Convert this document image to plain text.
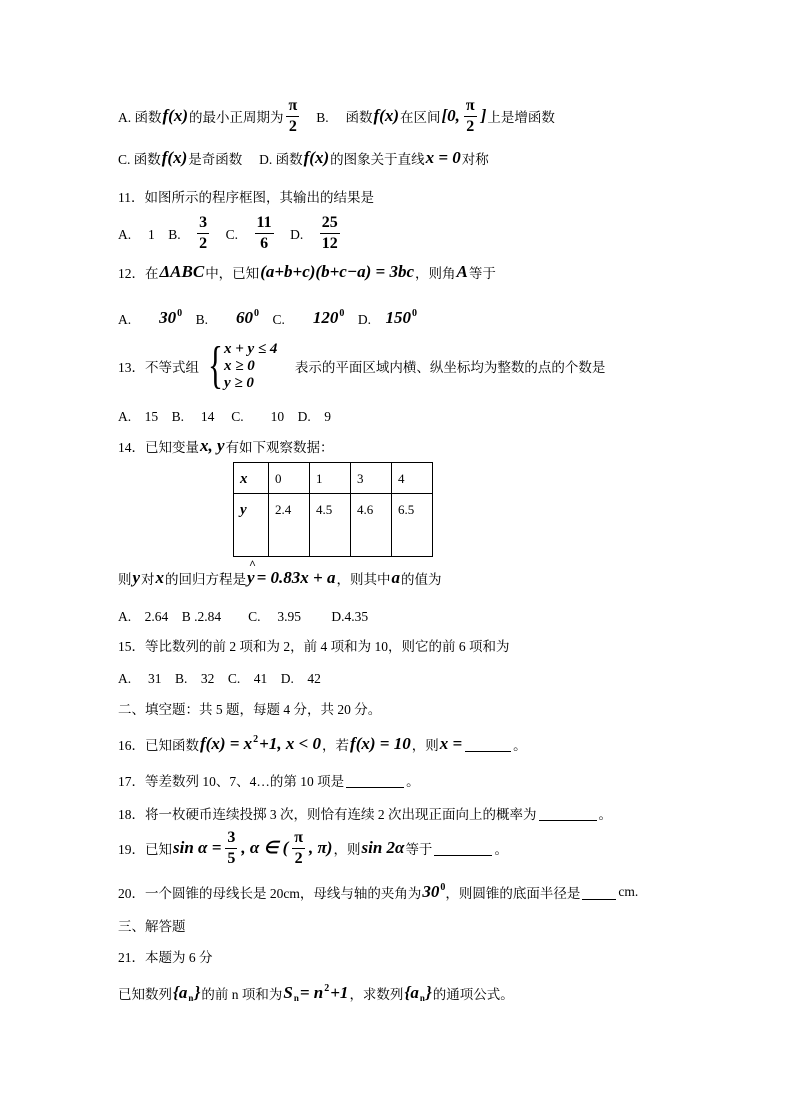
A. 函数 f(x) 的最小正周期为 $\frac{\pi}{2} B$.　 函数 f(x) 在区间 [0, $\frac{\pi}{2}$ ] 上是增函数
C. 函数 f(x) 是奇函数　 D. 函数 f(x) 的图象关于直线 x = 0 对称
11．如图所示的程序框图，其输出的结果是
A.　 1　B.　 $\frac{3}{2}$ 　C.　 $\frac{11}{6}$ 　D.　 $\frac{25}{12}$
12．在 ΔABC 中，已知 (a+b+c)(b+c−a) = 3bc ，则角 A 等于
A.　　 30 0 　B.　　 60 0 　C.　　 120 0 　D.　 150 0
13．不等式组 { x + y ≤ 4
x ≥ 0
y ≥ 0
　表示的平面区域内横、纵坐标均为整数的点的个数是
A.　15　B.　 14　 C.　　10　D.　9
14．已知变量 x, y 有如下观察数据：
则 y 对 x 的回归方程是 ^ y = 0.83x + a ，则其中 a 的值为
A.　2.64　B .2.84　　C.　 3.95　　 D.4.35
15．等比数列的前 2 项和为 2，前 4 项和为 10，则它的前 6 项和为
A.　 31　B.　32　C.　41　D.　42
二、填空题：共 5 题，每题 4 分，共 20 分。
16．已知函数 f(x) = x 2 +1, x < 0 ，若 f(x) = 10 ，则 x =	。
17．等差数列 10、7、4…的第 10 项是	。
18．将一枚硬币连续投掷 3 次，则恰有连续 2 次出现正面向上的概率为	。
19．已知 $\sin \alpha = \frac{3}{5}$ , α ∈ ( $\frac{\pi}{2}$ , π) ，则 sin 2α 等于	。
20．一个圆锥的母线长是 20cm，母线与轴的夹角为 30 0 ，则圆锥的底面半径是	cm.
三、解答题
21．本题为 6 分
已知数列 {a n } 的前 n 项和为 S n = n 2 +1 ，求数列 {a n } 的通项公式。
x	0	1	3	4
y	2.4	4.5	4.6	6.5
